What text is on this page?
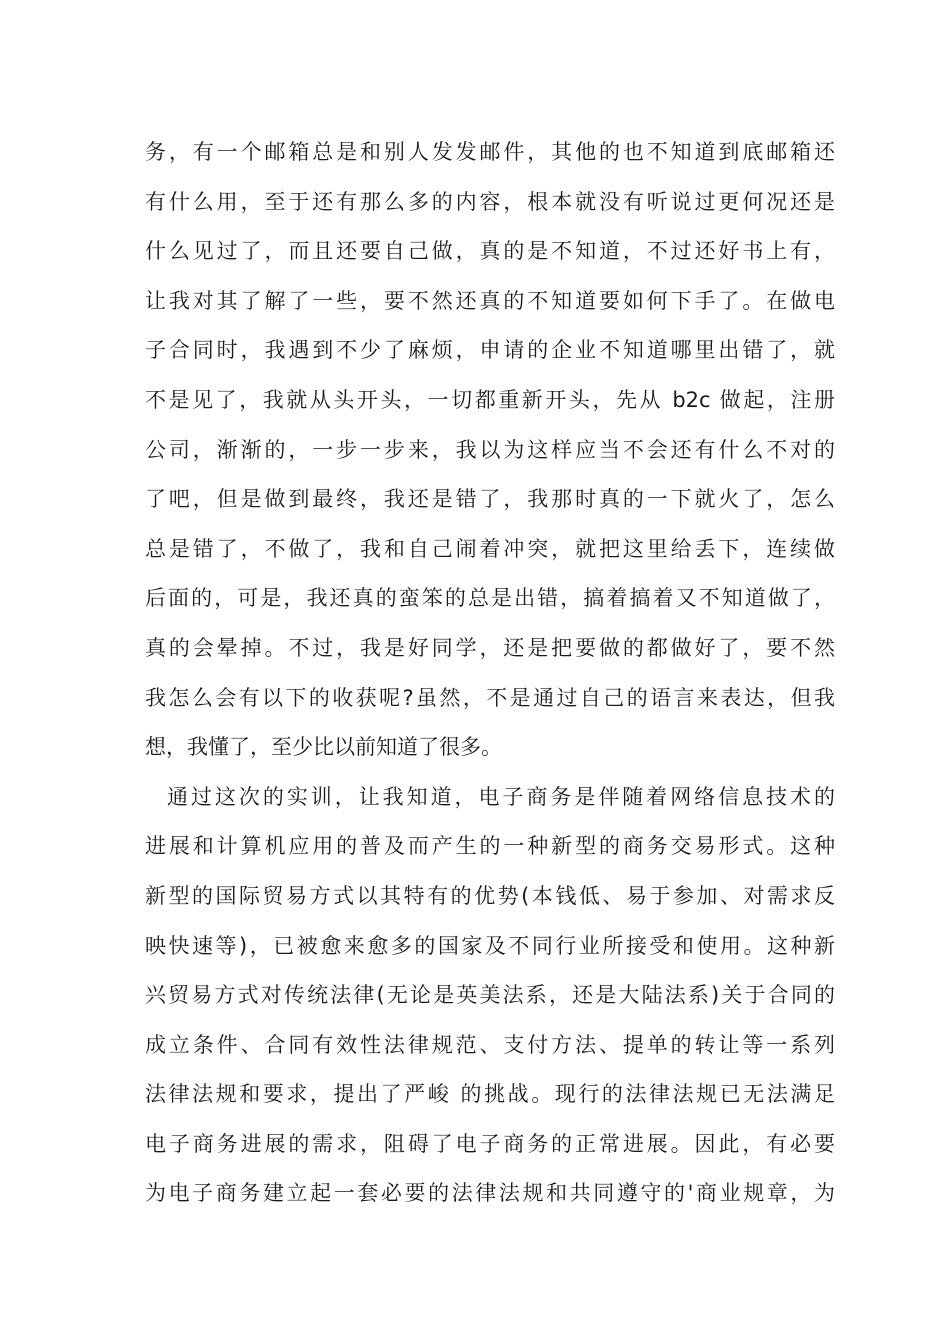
务，有一个邮箱总是和别人发发邮件，其他的也不知道到底邮箱还
有什么用，至于还有那么多的内容，根本就没有听说过更何况还是
什么见过了，而且还要自己做，真的是不知道，不过还好书上有，
让我对其了解了一些，要不然还真的不知道要如何下手了。在做电
子合同时，我遇到不少了麻烦，申请的企业不知道哪里出错了，就
不是见了，我就从头开头，一切都重新开头，先从 b2c 做起，注册
公司，渐渐的，一步一步来，我以为这样应当不会还有什么不对的
了吧，但是做到最终，我还是错了，我那时真的一下就火了，怎么
总是错了，不做了，我和自己闹着冲突，就把这里给丢下，连续做
后面的，可是，我还真的蛮笨的总是出错，搞着搞着又不知道做了，
真的会晕掉。不过，我是好同学，还是把要做的都做好了，要不然
我怎么会有以下的收获呢?虽然，不是通过自己的语言来表达，但我
想，我懂了，至少比以前知道了很多。
通过这次的实训，让我知道，电子商务是伴随着网络信息技术的
进展和计算机应用的普及而产生的一种新型的商务交易形式。这种
新型的国际贸易方式以其特有的优势(本钱低、易于参加、对需求反
映快速等)，已被愈来愈多的国家及不同行业所接受和使用。这种新
兴贸易方式对传统法律(无论是英美法系，还是大陆法系)关于合同的
成立条件、合同有效性法律规范、支付方法、提单的转让等一系列
法律法规和要求，提出了严峻 的挑战。现行的法律法规已无法满足
电子商务进展的需求，阻碍了电子商务的正常进展。因此，有必要
为电子商务建立起一套必要的法律法规和共同遵守的'商业规章，为
